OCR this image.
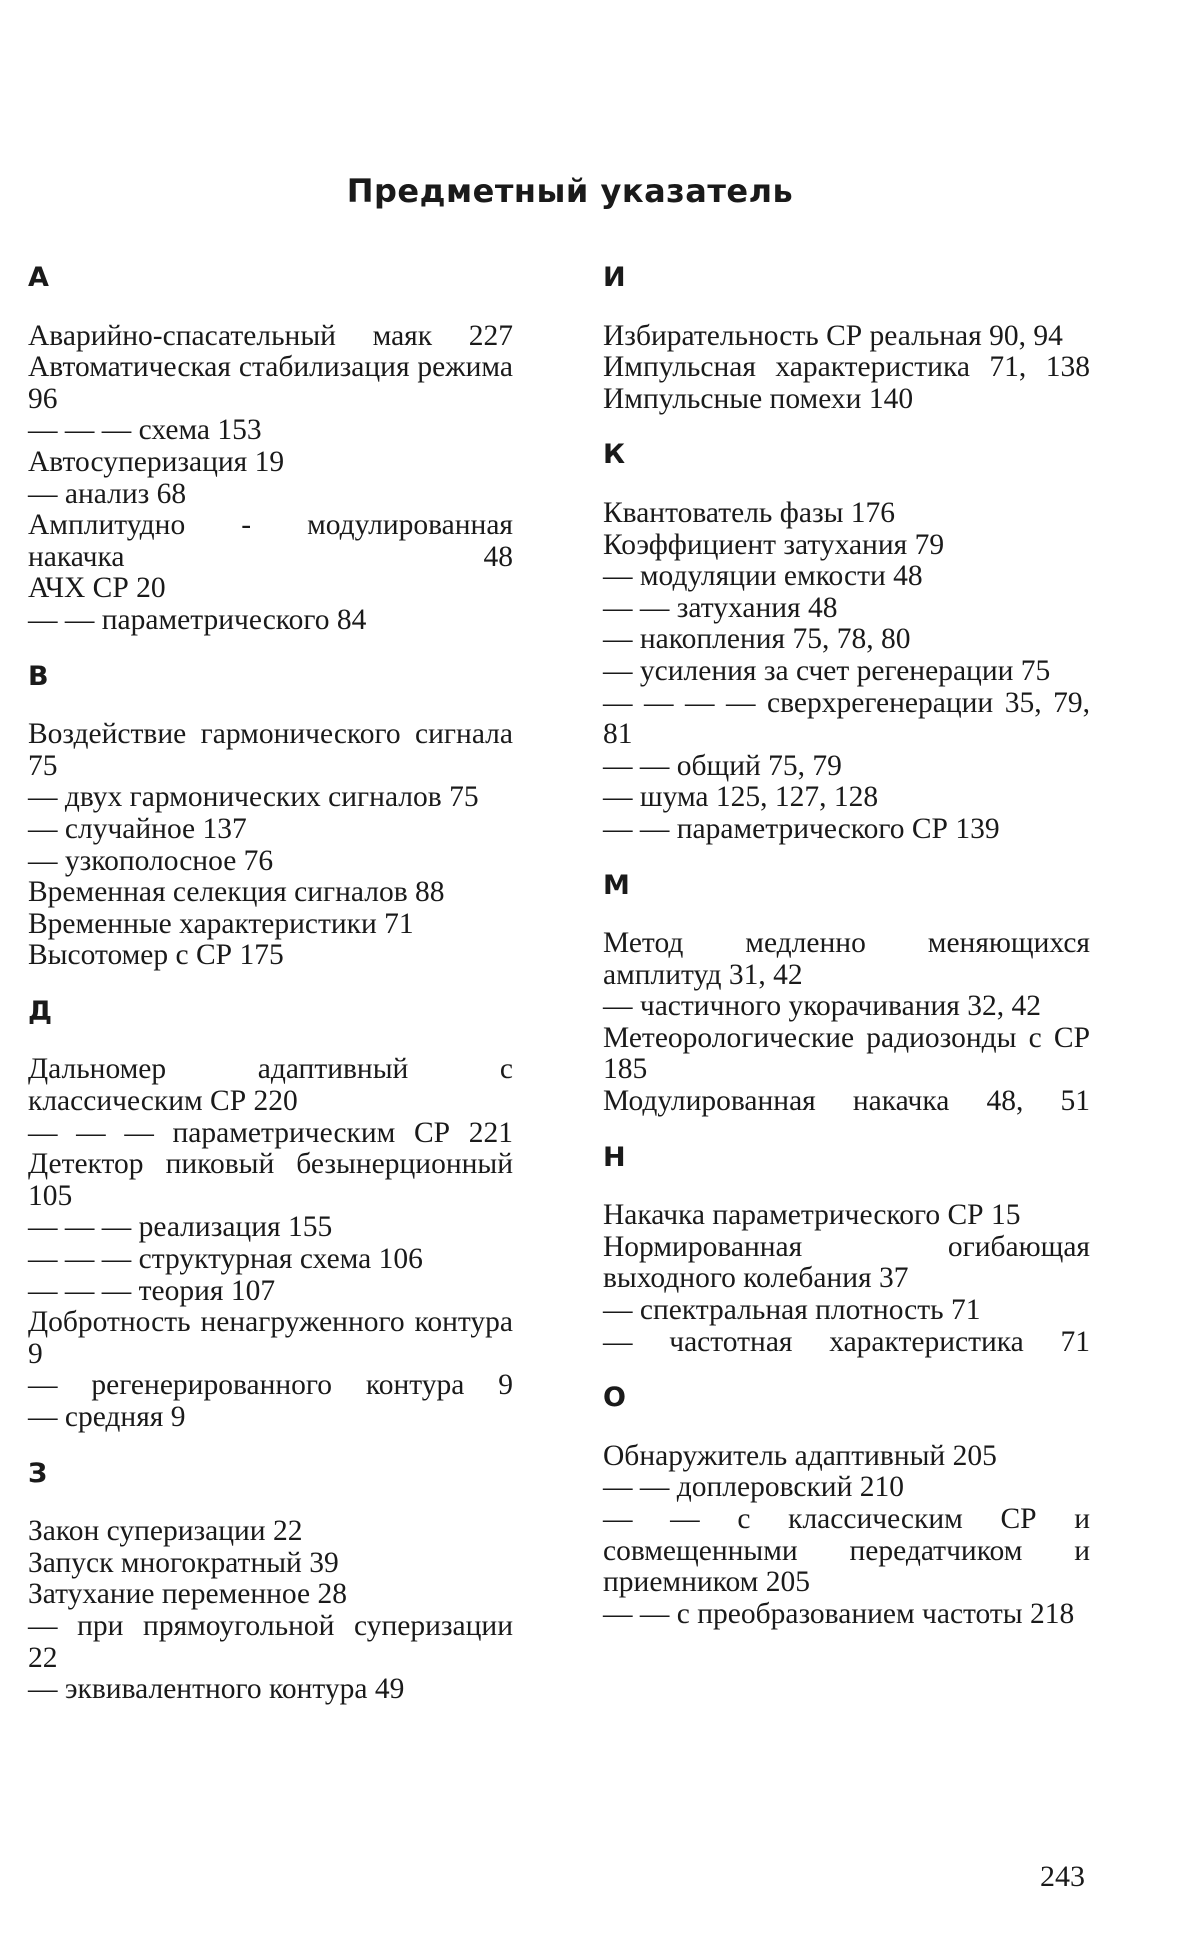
Предметный указатель
А
Аварийно-спасательный маяк 227
Автоматическая стабилизация режима 96
— — — схема 153
Автосуперизация 19
— анализ 68
Амплитудно - модулированная накачка 48
АЧХ СР 20
— — параметрического 84
В
Воздействие гармонического сигнала 75
— двух гармонических сигналов 75
— случайное 137
— узкополосное 76
Временная селекция сигналов 88
Временные характеристики 71
Высотомер с СР 175
Д
Дальномер адаптивный с классическим СР 220
— — — параметрическим СР 221
Детектор пиковый безынерционный 105
— — — реализация 155
— — — структурная схема 106
— — — теория 107
Добротность ненагруженного контура 9
— регенерированного контура 9
— средняя 9
З
Закон суперизации 22
Запуск многократный 39
Затухание переменное 28
— при прямоугольной суперизации 22
— эквивалентного контура 49
И
Избирательность СР реальная 90, 94
Импульсная характеристика 71, 138
Импульсные помехи 140
К
Квантователь фазы 176
Коэффициент затухания 79
— модуляции емкости 48
— — затухания 48
— накопления 75, 78, 80
— усиления за счет регенерации 75
— — — — сверхрегенерации 35, 79, 81
— — общий 75, 79
— шума 125, 127, 128
— — параметрического СР 139
М
Метод медленно меняющихся амплитуд 31, 42
— частичного укорачивания 32, 42
Метеорологические радиозонды с СР 185
Модулированная накачка 48, 51
Н
Накачка параметрического СР 15
Нормированная огибающая выходного колебания 37
— спектральная плотность 71
— частотная характеристика 71
О
Обнаружитель адаптивный 205
— — доплеровский 210
— — с классическим СР и совмещенными передатчиком и приемником 205
— — с преобразованием частоты 218
243
